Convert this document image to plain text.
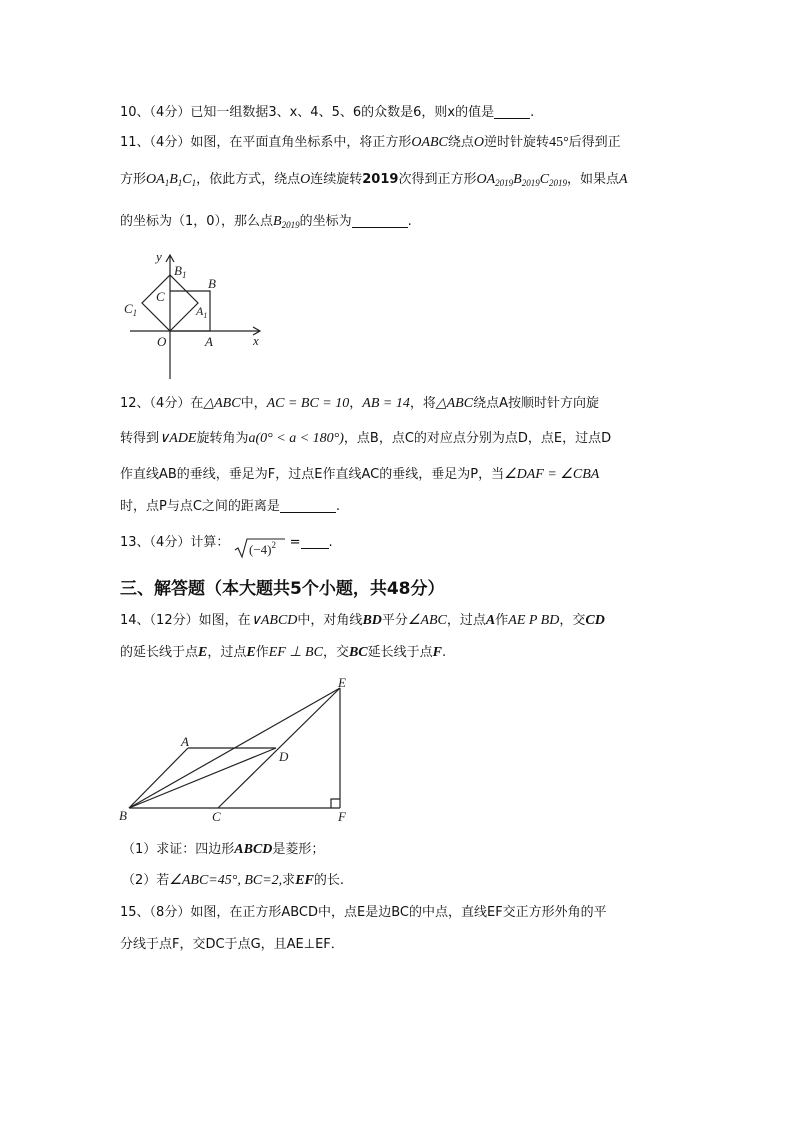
10、（4分）已知一组数据3、x、4、5、6的众数是6，则x的值是	.
11、（4分）如图，在平面直角坐标系中，将正方形OABC绕点O逆时针旋转45°后得到正
方形$OA_1B_1C_1$，依此方式，绕点O连续旋转2019次得到正方形$OA_{2019}B_{2019}C_{2019}$，如果点A
的坐标为（1，0），那么点$B_{2019}$的坐标为	.
y
x
O	A
B
C
$B_1$
$C_1$	$A_1$
12、（4分）在△ABC中，AC = BC = 10，AB = 14，将△ABC绕点A按顺时针方向旋
转得到∨ADE旋转角为a(0° < a < 180°)，点B，点C的对应点分别为点D，点E，过点D
作直线AB的垂线，垂足为F，过点E作直线AC的垂线，垂足为P，当∠DAF = ∠CBA
时，点P与点C之间的距离是	.
13、（4分）计算： $(-4)^2$ = .
三、解答题（本大题共5个小题，共48分）
14、（12分）如图，在∨ABCD中，对角线BD平分∠ABC，过点A作AE P BD，交CD
的延长线于点E，过点E作EF ⊥ BC，交BC延长线于点F.
A
B	C
D
E
F
（1）求证：四边形ABCD是菱形；
（2）若∠ABC=45°, BC=2,求EF的长.
15、（8分）如图，在正方形ABCD中，点E是边BC的中点，直线EF交正方形外角的平
分线于点F，交DC于点G，且AE⊥EF．
